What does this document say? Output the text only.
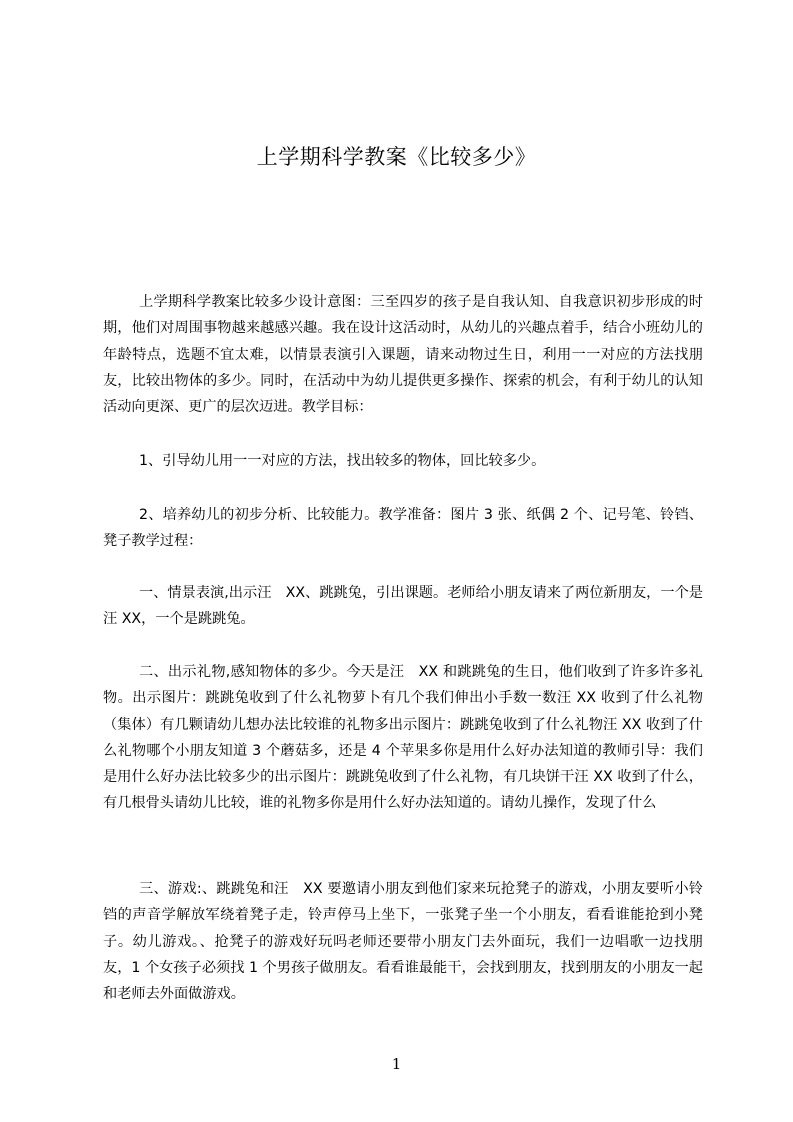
上学期科学教案《比较多少》

上学期科学教案比较多少设计意图：三至四岁的孩子是自我认知、自我意识初步形成的时期，他们对周围事物越来越感兴趣。我在设计这活动时，从幼儿的兴趣点着手，结合小班幼儿的年龄特点，选题不宜太难，以情景表演引入课题，请来动物过生日，利用一一对应的方法找朋友，比较出物体的多少。同时，在活动中为幼儿提供更多操作、探索的机会，有利于幼儿的认知活动向更深、更广的层次迈进。教学目标：

1、引导幼儿用一一对应的方法，找出较多的物体，回比较多少。

2、培养幼儿的初步分析、比较能力。教学准备：图片 3 张、纸偶 2 个、记号笔、铃铛、凳子教学过程：

一、情景表演,出示汪　XX、跳跳兔，引出课题。老师给小朋友请来了两位新朋友，一个是汪 XX，一个是跳跳兔。

二、出示礼物,感知物体的多少。今天是汪　XX 和跳跳兔的生日，他们收到了许多许多礼物。出示图片：跳跳兔收到了什么礼物萝卜有几个我们伸出小手数一数汪 XX 收到了什么礼物（集体）有几颗请幼儿想办法比较谁的礼物多出示图片：跳跳兔收到了什么礼物汪 XX 收到了什么礼物哪个小朋友知道 3 个蘑菇多，还是 4 个苹果多你是用什么好办法知道的教师引导：我们是用什么好办法比较多少的出示图片：跳跳兔收到了什么礼物，有几块饼干汪 XX 收到了什么，有几根骨头请幼儿比较，谁的礼物多你是用什么好办法知道的。请幼儿操作，发现了什么

三、游戏:、跳跳兔和汪　XX 要邀请小朋友到他们家来玩抢凳子的游戏，小朋友要听小铃铛的声音学解放军绕着凳子走，铃声停马上坐下，一张凳子坐一个小朋友，看看谁能抢到小凳子。幼儿游戏。、抢凳子的游戏好玩吗老师还要带小朋友门去外面玩，我们一边唱歌一边找朋友，1 个女孩子必须找 1 个男孩子做朋友。看看谁最能干，会找到朋友，找到朋友的小朋友一起和老师去外面做游戏。

1
